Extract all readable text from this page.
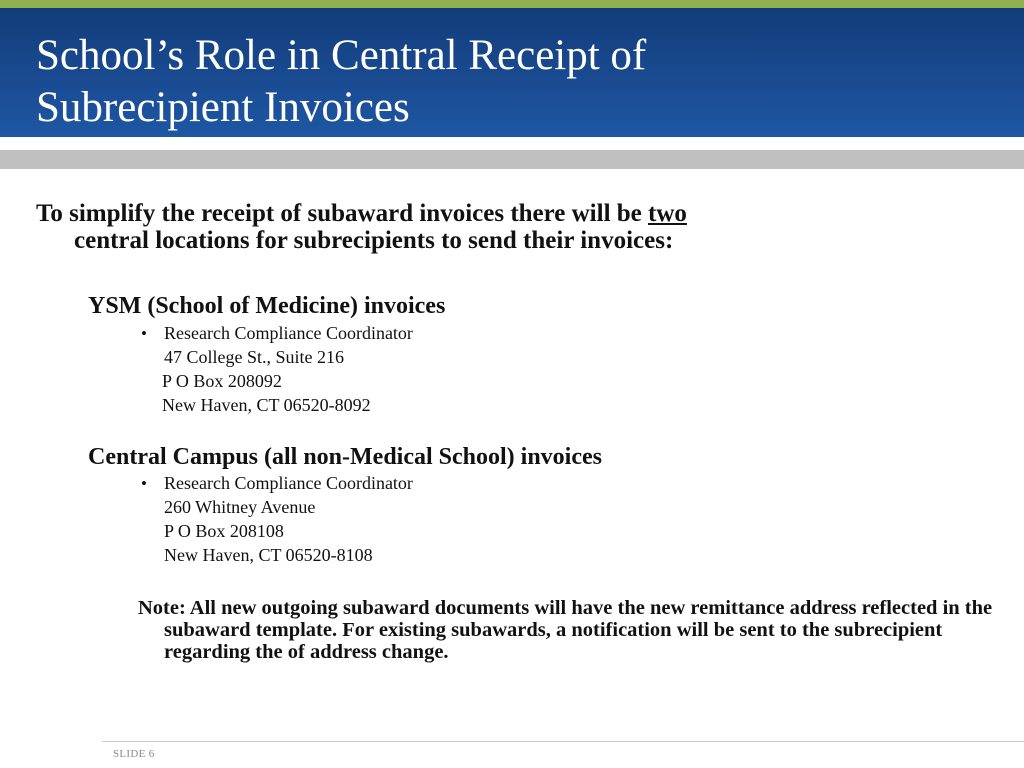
School’s Role in Central Receipt of
Subrecipient Invoices

To simplify the receipt of subaward invoices there will be two
central locations for subrecipients to send their invoices:

YSM (School of Medicine) invoices
• Research Compliance Coordinator
47 College St., Suite 216
P O Box 208092
New Haven, CT 06520-8092
Central Campus (all non-Medical School) invoices
• Research Compliance Coordinator
260 Whitney Avenue
P O Box 208108
New Haven, CT 06520-8108

Note: All new outgoing subaward documents will have the new remittance address reflected in the subaward template. For existing subawards, a notification will be sent to the subrecipient regarding the of address change.

SLIDE 6
